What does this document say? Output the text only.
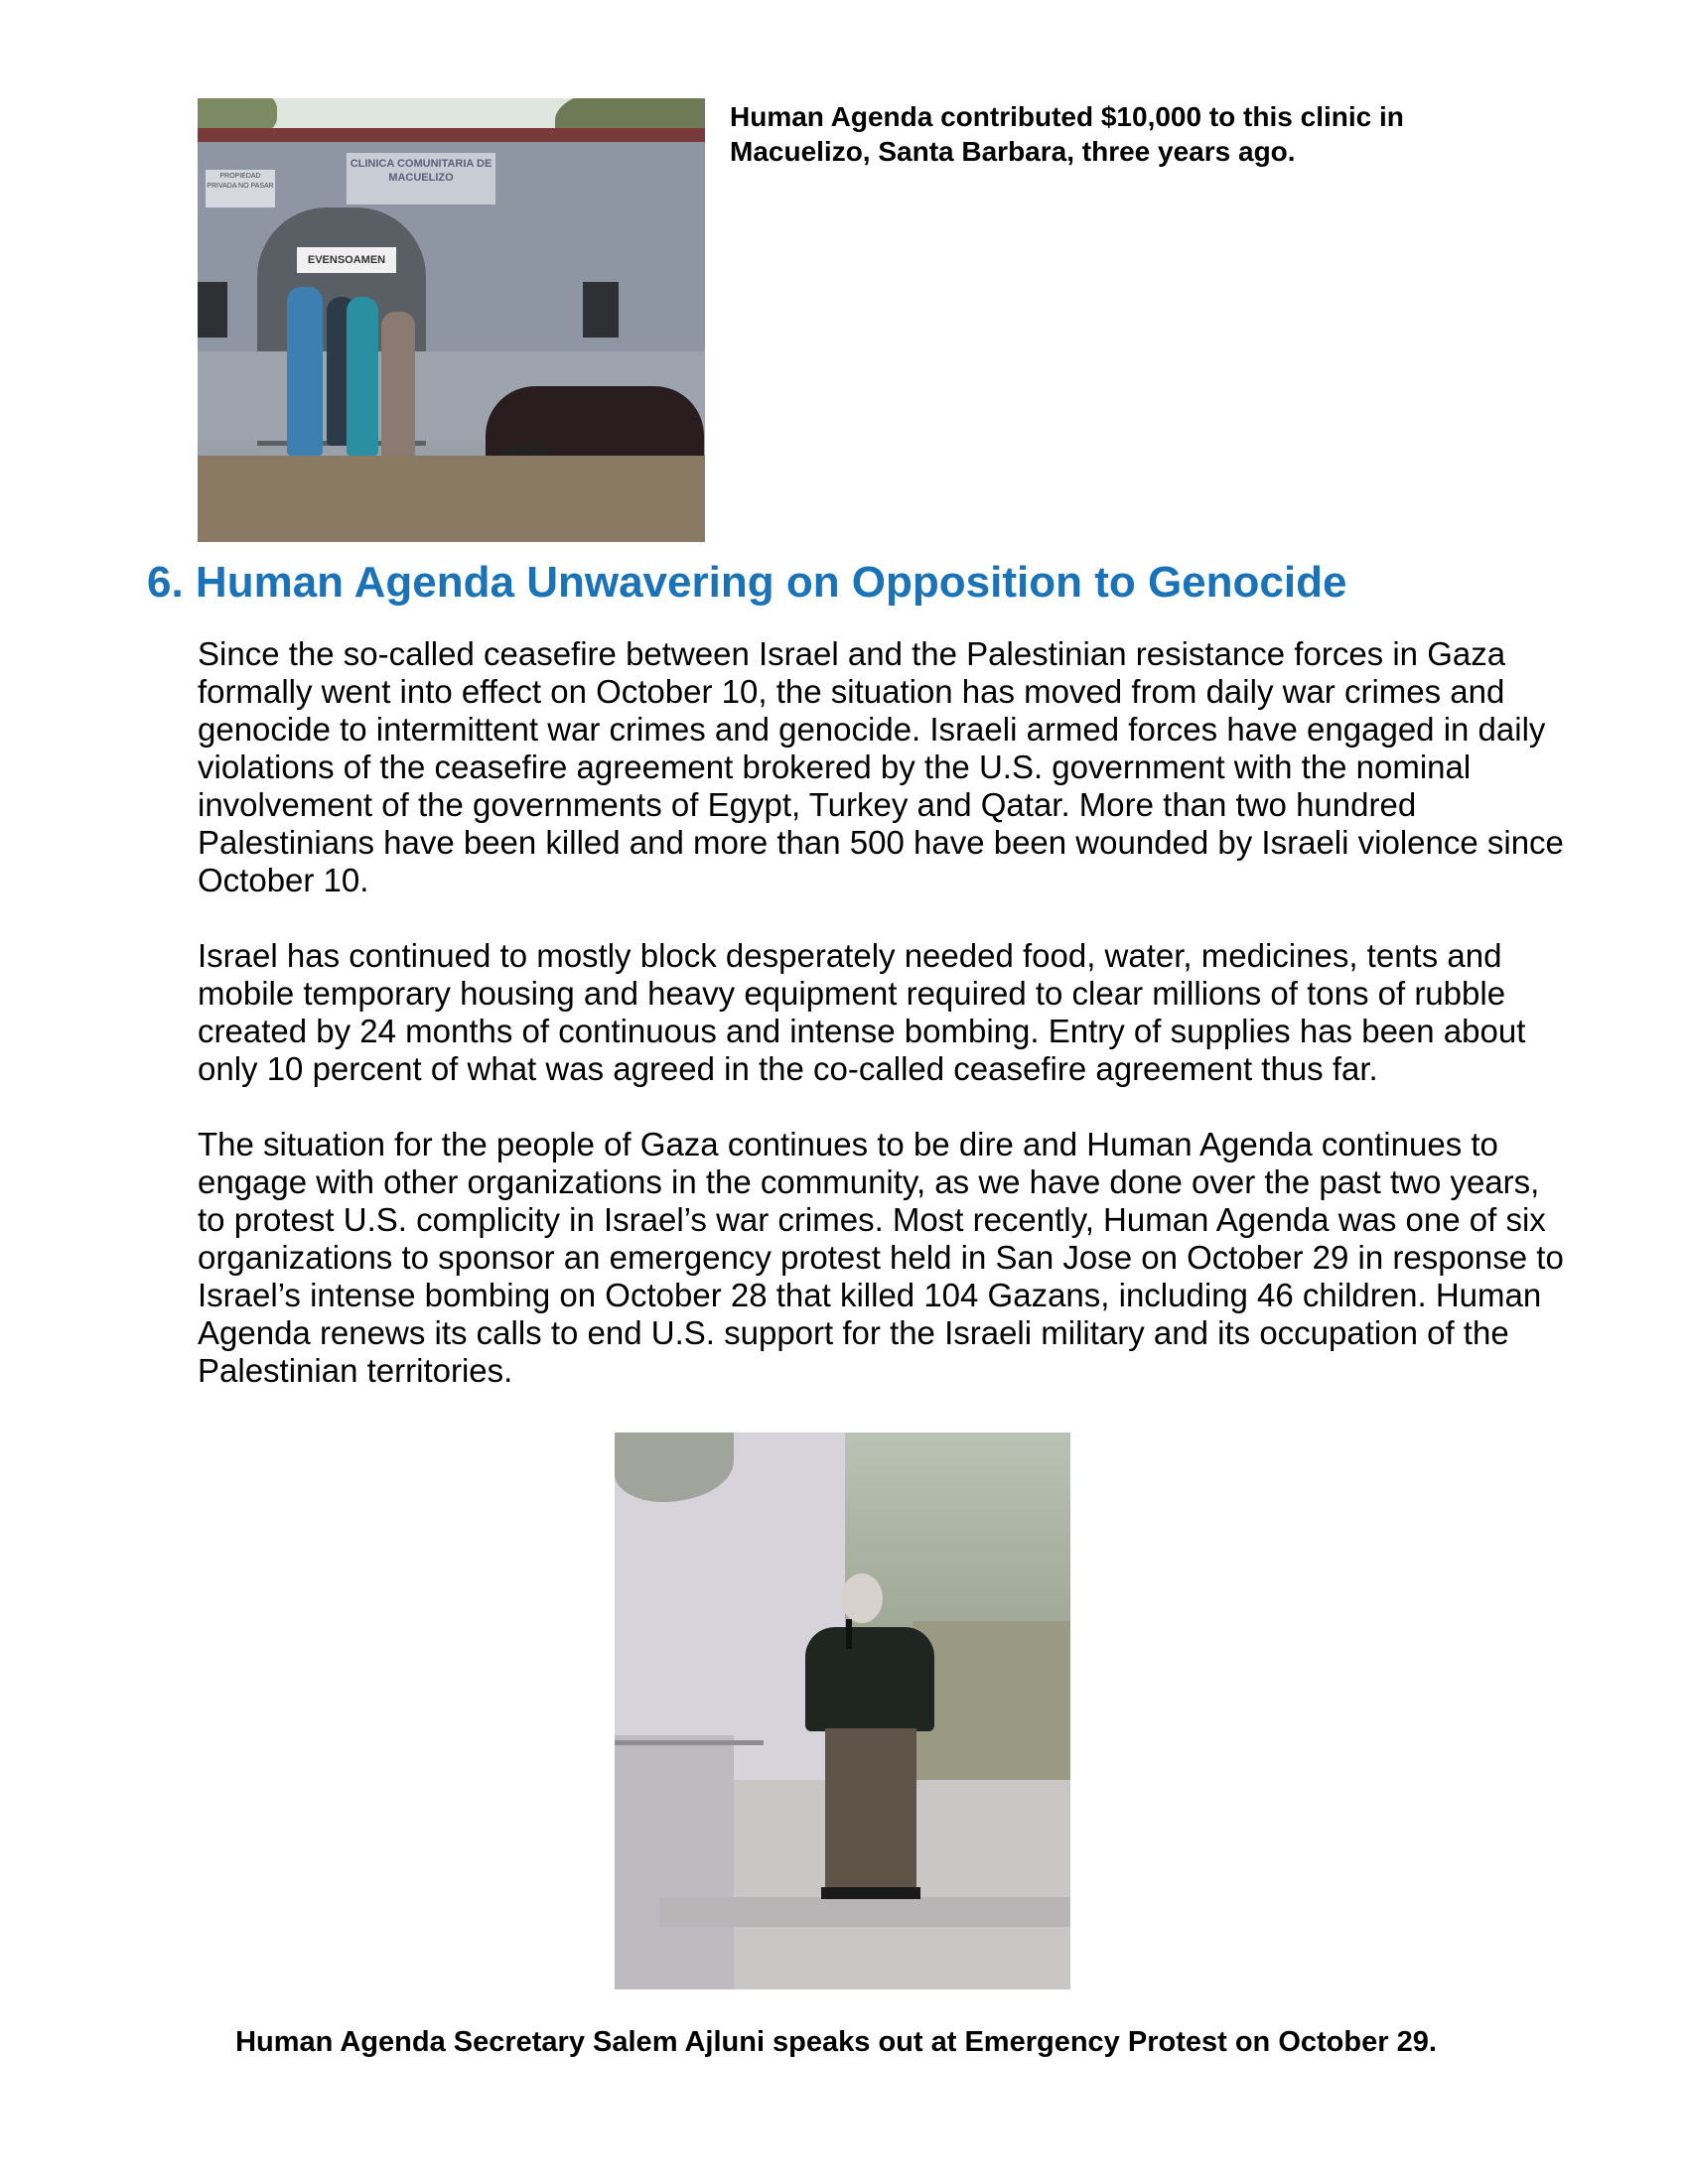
CLINICA COMUNITARIA DE MACUELIZO
PROPIEDAD PRIVADA NO PASAR
EVENSOAMEN
Human Agenda contributed $10,000 to this clinic in
Macuelizo, Santa Barbara, three years ago.
6. Human Agenda Unwavering on Opposition to Genocide
Since the so-called ceasefire between Israel and the Palestinian resistance forces in Gaza
formally went into effect on October 10, the situation has moved from daily war crimes and
genocide to intermittent war crimes and genocide. Israeli armed forces have engaged in daily
violations of the ceasefire agreement brokered by the U.S. government with the nominal
involvement of the governments of Egypt, Turkey and Qatar. More than two hundred
Palestinians have been killed and more than 500 have been wounded by Israeli violence since
October 10.
Israel has continued to mostly block desperately needed food, water, medicines, tents and
mobile temporary housing and heavy equipment required to clear millions of tons of rubble
created by 24 months of continuous and intense bombing. Entry of supplies has been about
only 10 percent of what was agreed in the co-called ceasefire agreement thus far.
The situation for the people of Gaza continues to be dire and Human Agenda continues to
engage with other organizations in the community, as we have done over the past two years,
to protest U.S. complicity in Israel’s war crimes. Most recently, Human Agenda was one of six
organizations to sponsor an emergency protest held in San Jose on October 29 in response to
Israel’s intense bombing on October 28 that killed 104 Gazans, including 46 children. Human
Agenda renews its calls to end U.S. support for the Israeli military and its occupation of the
Palestinian territories.
Human Agenda Secretary Salem Ajluni speaks out at Emergency Protest on October 29.
